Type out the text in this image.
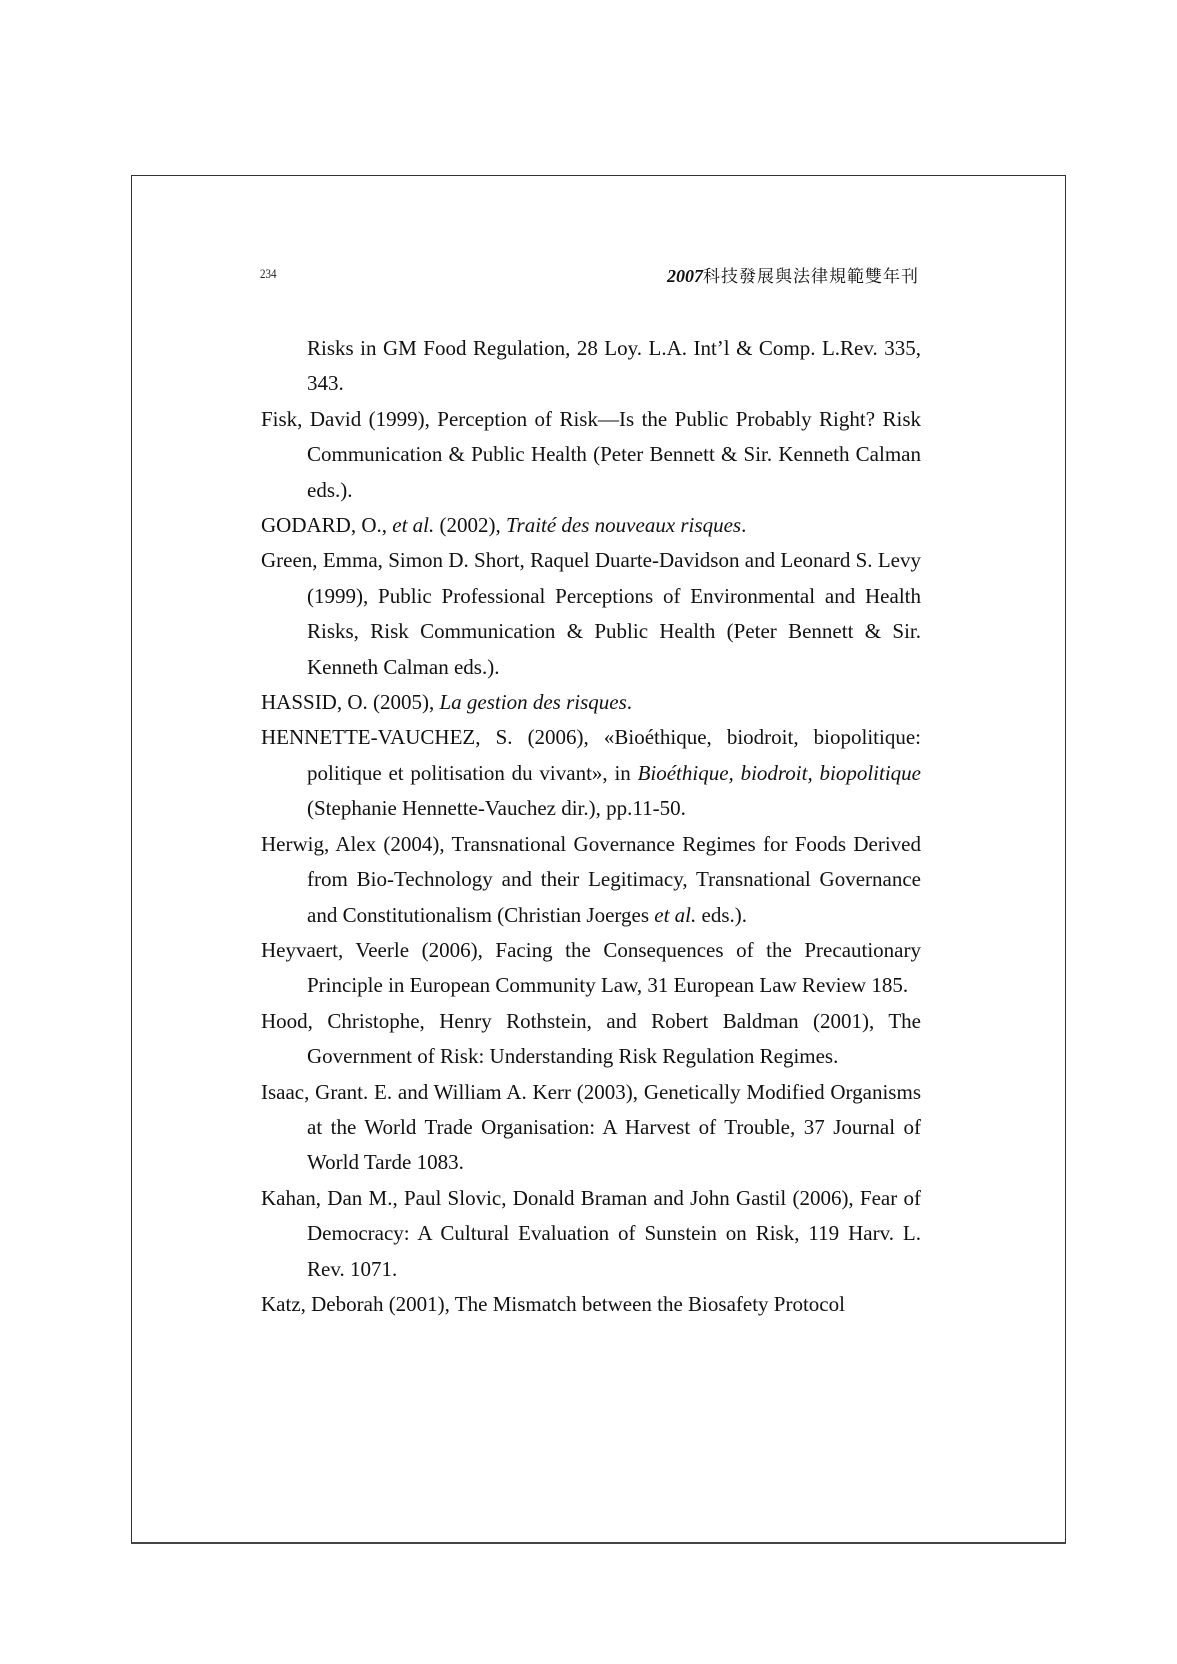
234	2007科技發展與法律規範雙年刊

Risks in GM Food Regulation, 28 Loy. L.A. Int’l & Comp. L.Rev. 335, 343.

Fisk, David (1999), Perception of Risk—Is the Public Probably Right? Risk Communication & Public Health (Peter Bennett & Sir. Kenneth Calman eds.).

GODARD, O., et al. (2002), Traité des nouveaux risques.

Green, Emma, Simon D. Short, Raquel Duarte-Davidson and Leonard S. Levy (1999), Public Professional Perceptions of Environmental and Health Risks, Risk Communication & Public Health (Peter Bennett & Sir. Kenneth Calman eds.).

HASSID, O. (2005), La gestion des risques.

HENNETTE-VAUCHEZ, S. (2006), «Bioéthique, biodroit, biopolitique: politique et politisation du vivant», in Bioéthique, biodroit, biopolitique (Stephanie Hennette-Vauchez dir.), pp.11-50.

Herwig, Alex (2004), Transnational Governance Regimes for Foods Derived from Bio-Technology and their Legitimacy, Transnational Governance and Constitutionalism (Christian Joerges et al. eds.).

Heyvaert, Veerle (2006), Facing the Consequences of the Precautionary Principle in European Community Law, 31 European Law Review 185.

Hood, Christophe, Henry Rothstein, and Robert Baldman (2001), The Government of Risk: Understanding Risk Regulation Regimes.

Isaac, Grant. E. and William A. Kerr (2003), Genetically Modified Organisms at the World Trade Organisation: A Harvest of Trouble, 37 Journal of World Tarde 1083.

Kahan, Dan M., Paul Slovic, Donald Braman and John Gastil (2006), Fear of Democracy: A Cultural Evaluation of Sunstein on Risk, 119 Harv. L. Rev. 1071.

Katz, Deborah (2001), The Mismatch between the Biosafety Protocol
